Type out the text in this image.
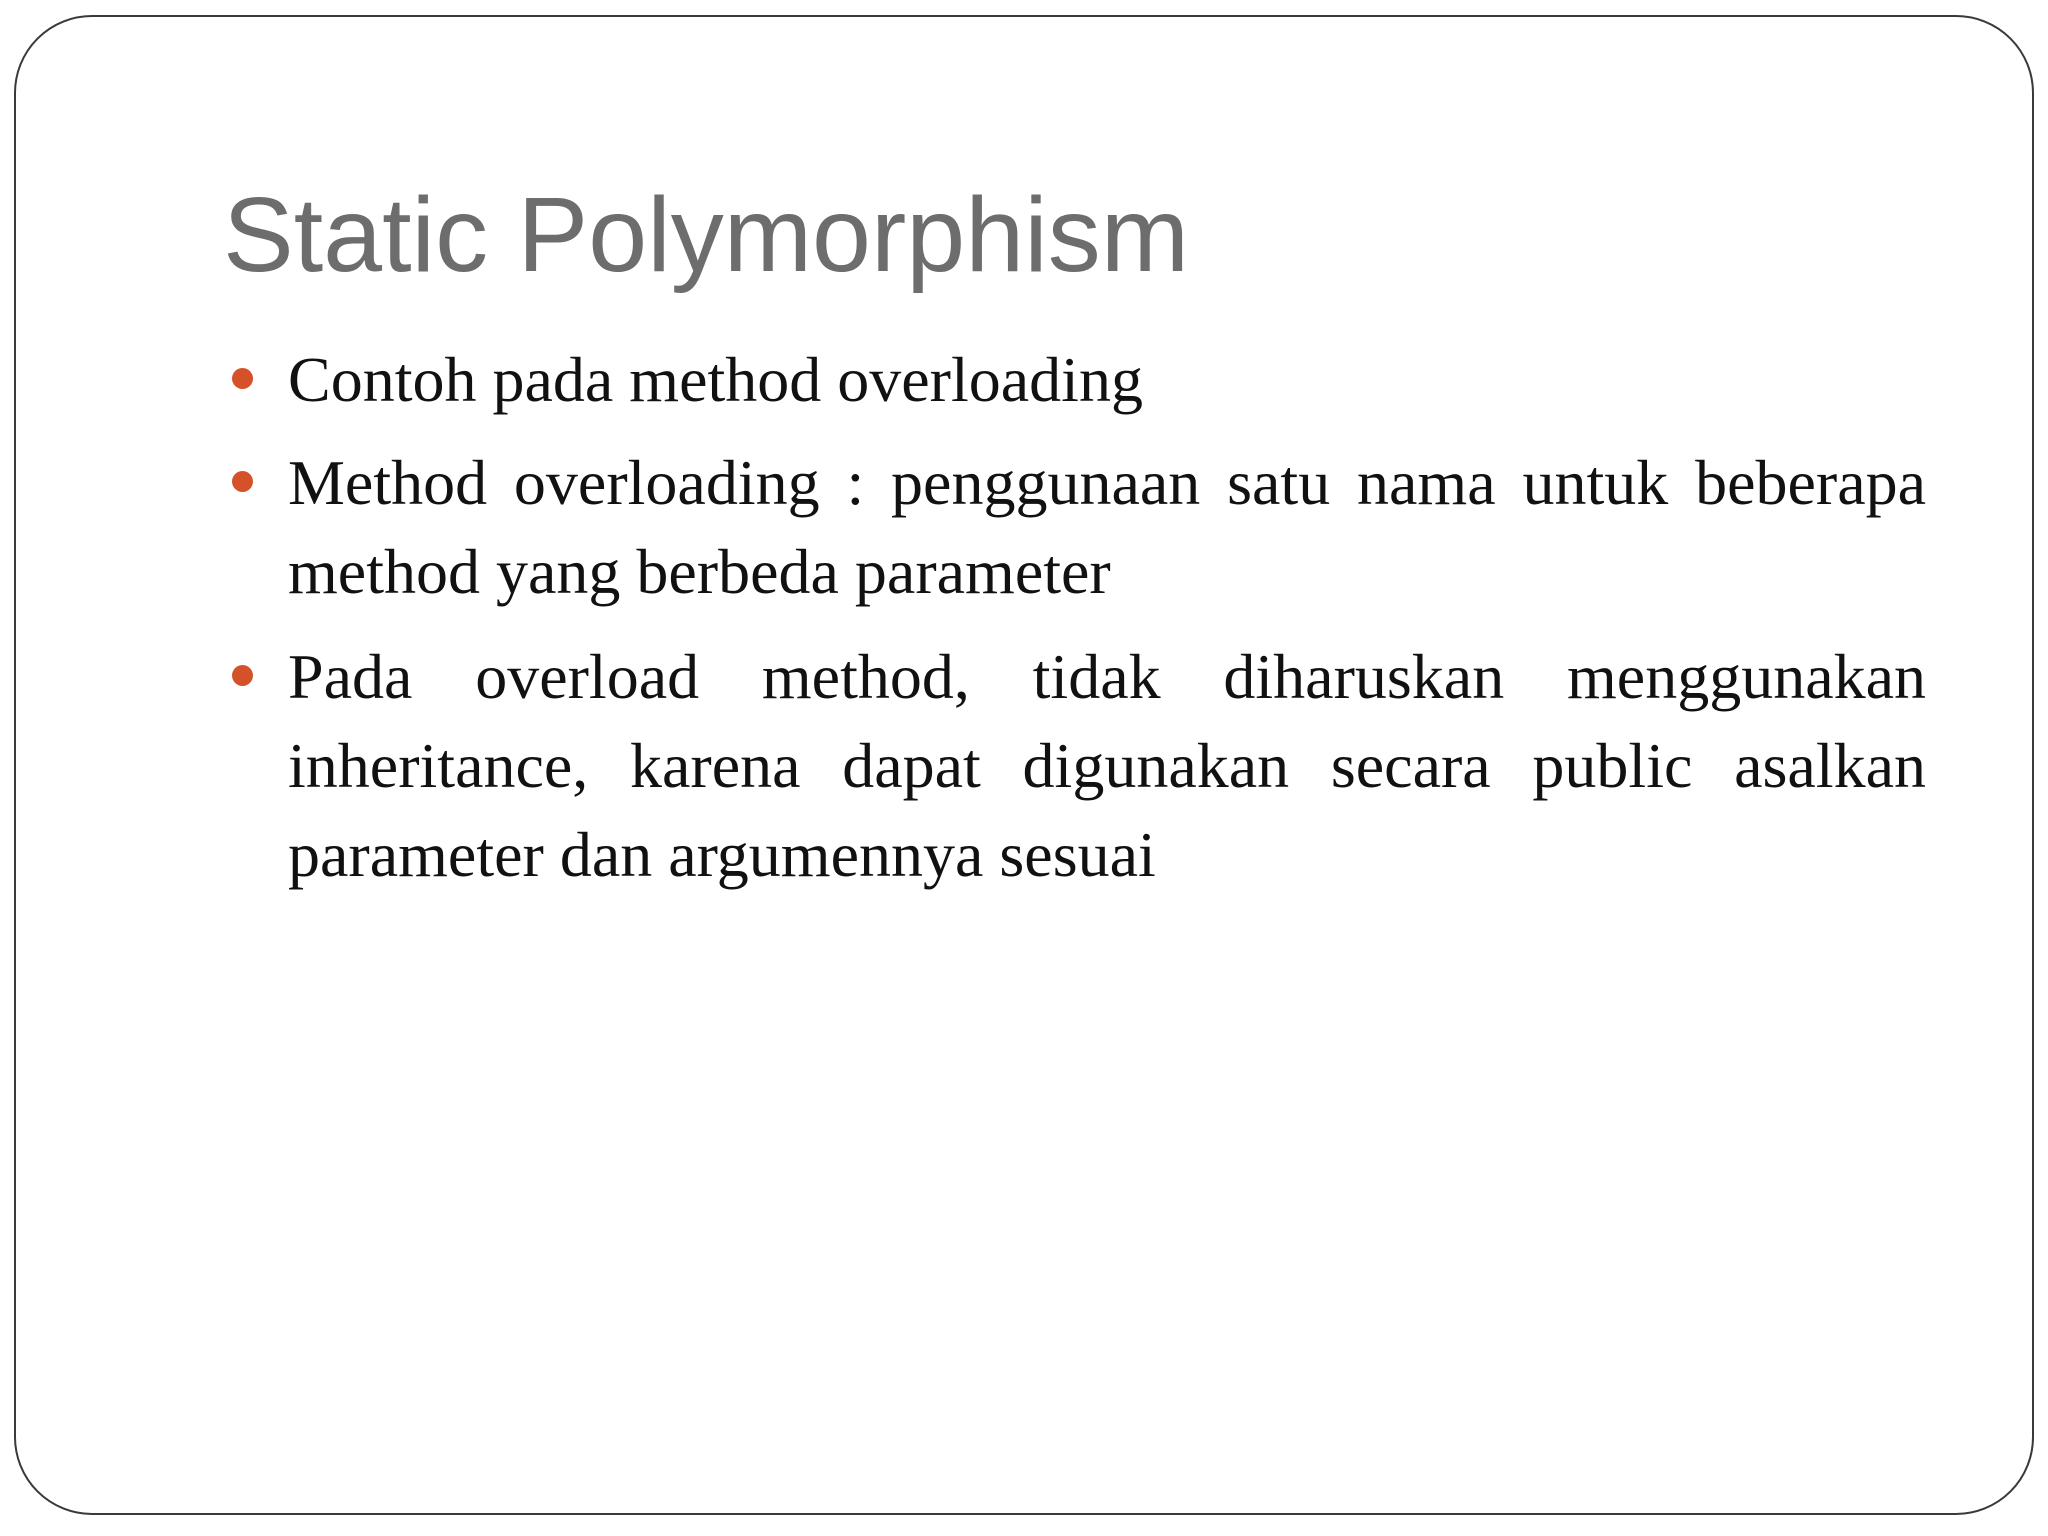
Static Polymorphism
Contoh pada method overloading
Method overloading : penggunaan satu nama untuk beberapa method yang berbeda parameter
Pada overload method, tidak diharuskan menggunakan inheritance, karena dapat digunakan secara public asalkan parameter dan argumennya sesuai
